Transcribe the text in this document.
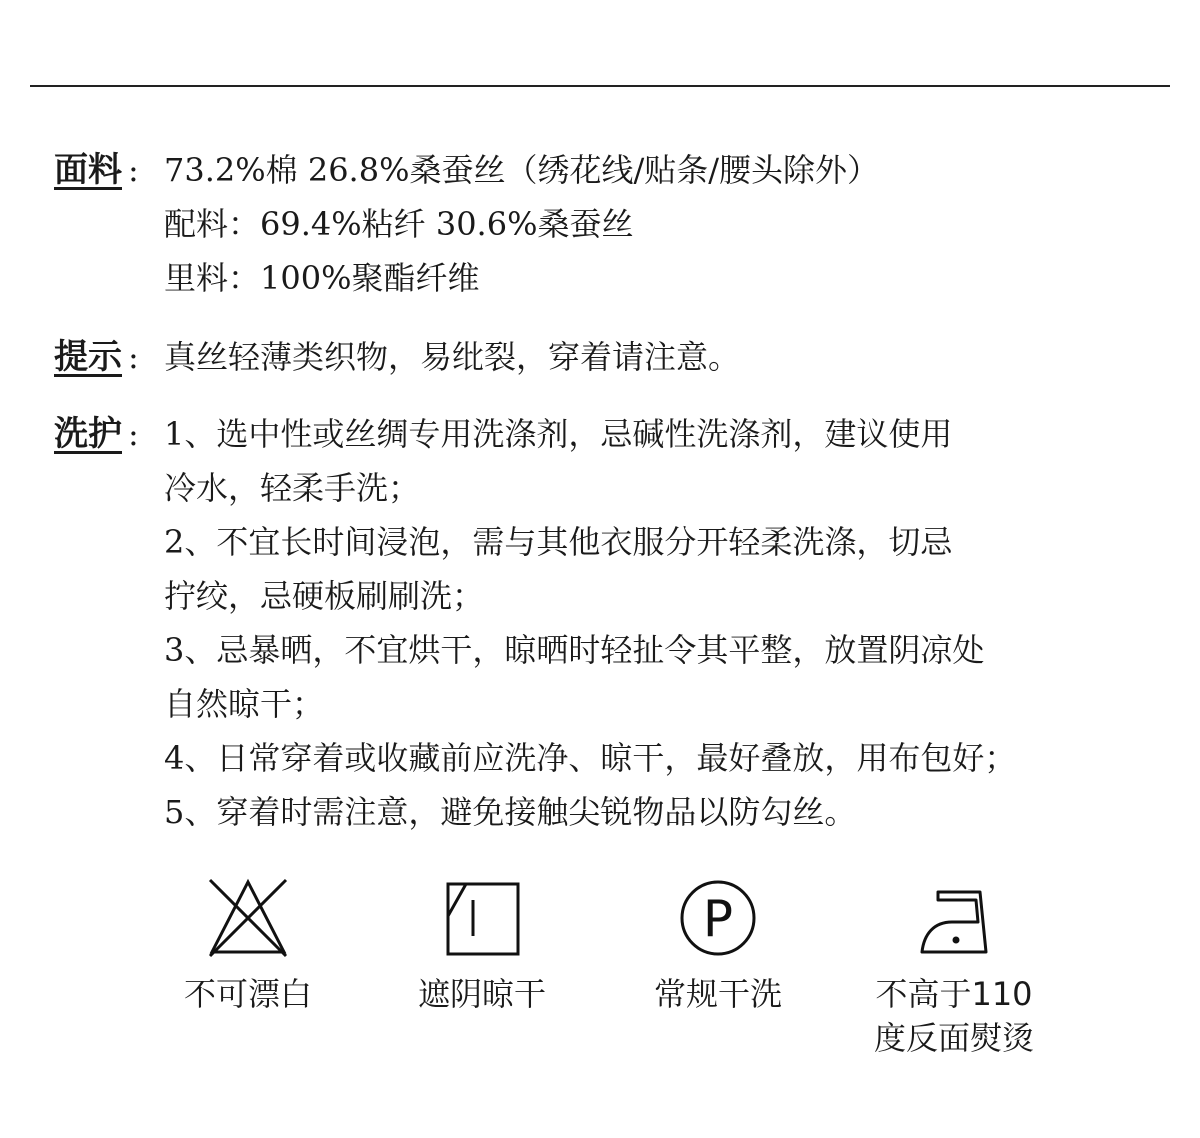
面料 : 73.2%棉 26.8%桑蚕丝（绣花线/贴条/腰头除外）
配料：69.4%粘纤 30.6%桑蚕丝
里料：100%聚酯纤维
提示 : 真丝轻薄类织物，易纰裂，穿着请注意。
洗护 : 1、选中性或丝绸专用洗涤剂，忌碱性洗涤剂，建议使用
冷水，轻柔手洗；
2、不宜长时间浸泡，需与其他衣服分开轻柔洗涤，切忌
拧绞，忌硬板刷刷洗；
3、忌暴晒，不宜烘干，晾晒时轻扯令其平整，放置阴凉处
自然晾干；
4、日常穿着或收藏前应洗净、晾干，最好叠放，用布包好；
5、穿着时需注意，避免接触尖锐物品以防勾丝。
不可漂白	遮阴晾干
P
常规干洗	不高于110
度反面熨烫
